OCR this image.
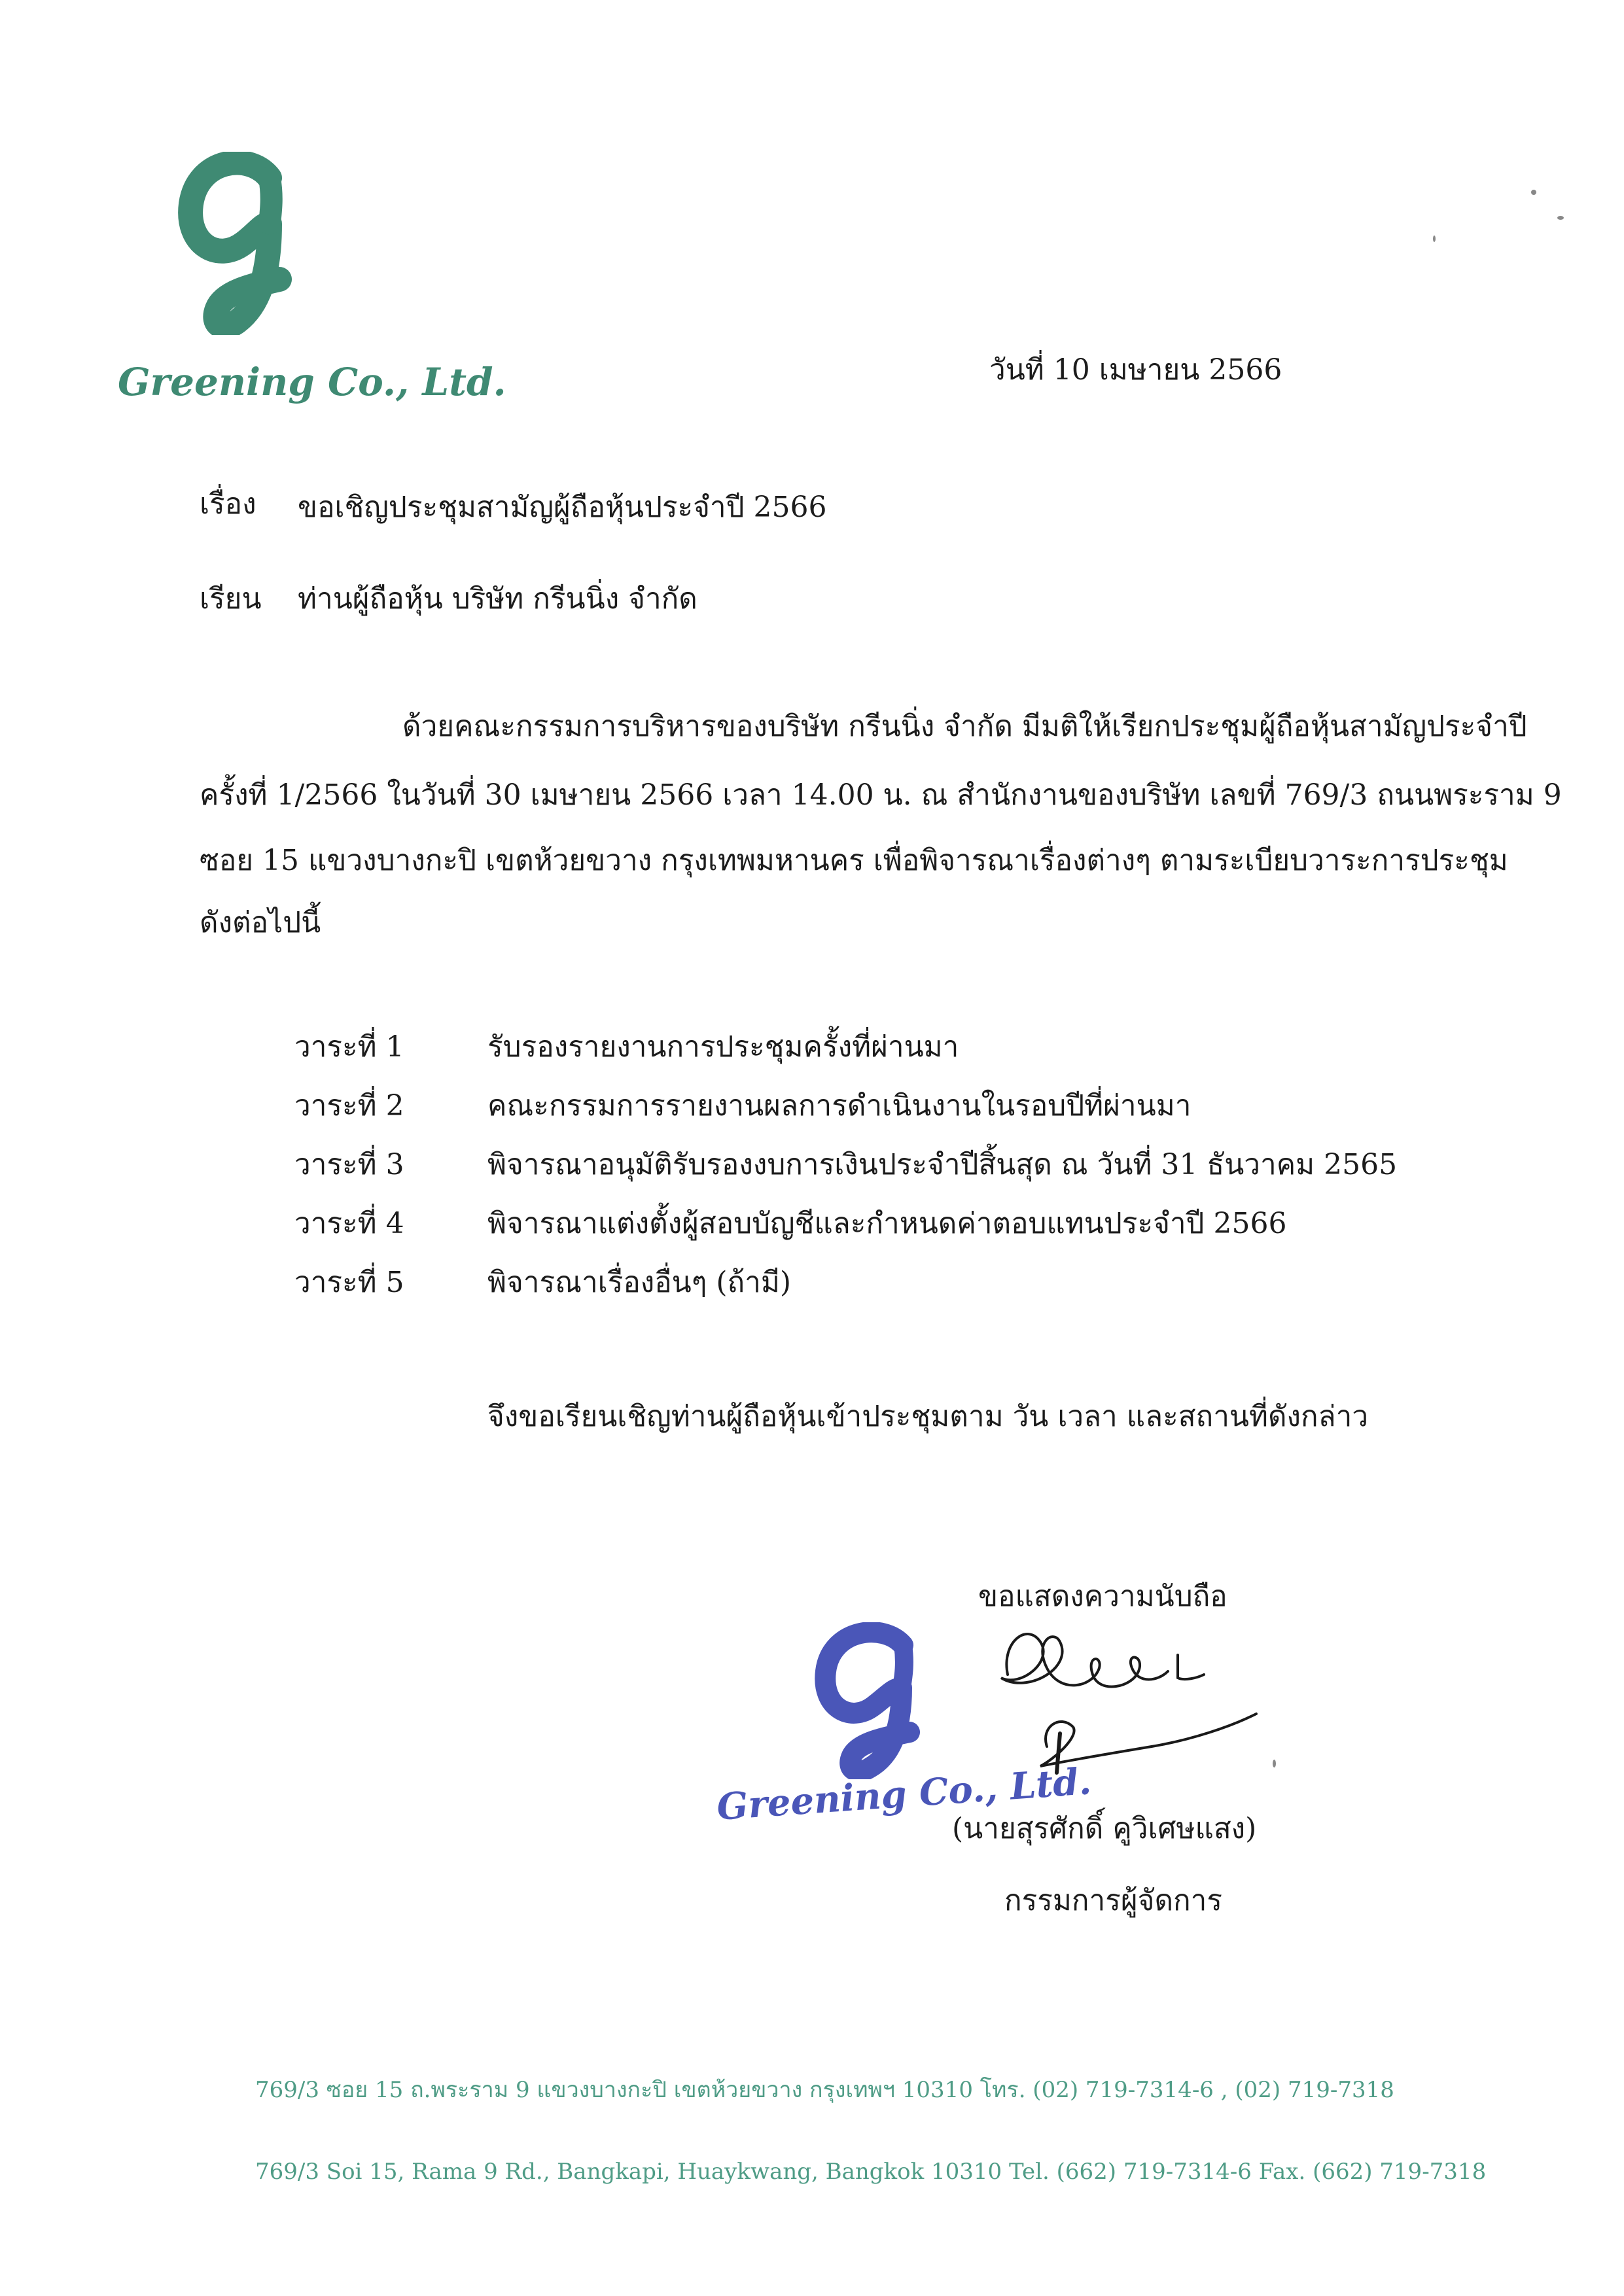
Greening Co., Ltd.	วันที่ 10 เมษายน 2566
เรื่อง ขอเชิญประชุมสามัญผู้ถือหุ้นประจำปี 2566
เรียน ท่านผู้ถือหุ้น บริษัท กรีนนิ่ง จำกัด
ด้วยคณะกรรมการบริหารของบริษัท กรีนนิ่ง จำกัด มีมติให้เรียกประชุมผู้ถือหุ้นสามัญประจำปี
ครั้งที่ 1/2566 ในวันที่ 30 เมษายน 2566 เวลา 14.00 น. ณ สำนักงานของบริษัท เลขที่ 769/3 ถนนพระราม 9
ซอย 15 แขวงบางกะปิ เขตห้วยขวาง กรุงเทพมหานคร เพื่อพิจารณาเรื่องต่างๆ ตามระเบียบวาระการประชุม
ดังต่อไปนี้
วาระที่ 1	รับรองรายงานการประชุมครั้งที่ผ่านมา
วาระที่ 2	คณะกรรมการรายงานผลการดำเนินงานในรอบปีที่ผ่านมา
วาระที่ 3	พิจารณาอนุมัติรับรองงบการเงินประจำปีสิ้นสุด ณ วันที่ 31 ธันวาคม 2565
วาระที่ 4	พิจารณาแต่งตั้งผู้สอบบัญชีและกำหนดค่าตอบแทนประจำปี 2566
วาระที่ 5	พิจารณาเรื่องอื่นๆ (ถ้ามี)
จึงขอเรียนเชิญท่านผู้ถือหุ้นเข้าประชุมตาม วัน เวลา และสถานที่ดังกล่าว
ขอแสดงความนับถือ
Greening Co., Ltd.
(นายสุรศักดิ์ คูวิเศษแสง)
กรรมการผู้จัดการ
769/3 ซอย 15 ถ.พระราม 9 แขวงบางกะปิ เขตห้วยขวาง กรุงเทพฯ 10310 โทร. (02) 719-7314-6 , (02) 719-7318
769/3 Soi 15, Rama 9 Rd., Bangkapi, Huaykwang, Bangkok 10310 Tel. (662) 719-7314-6 Fax. (662) 719-7318
